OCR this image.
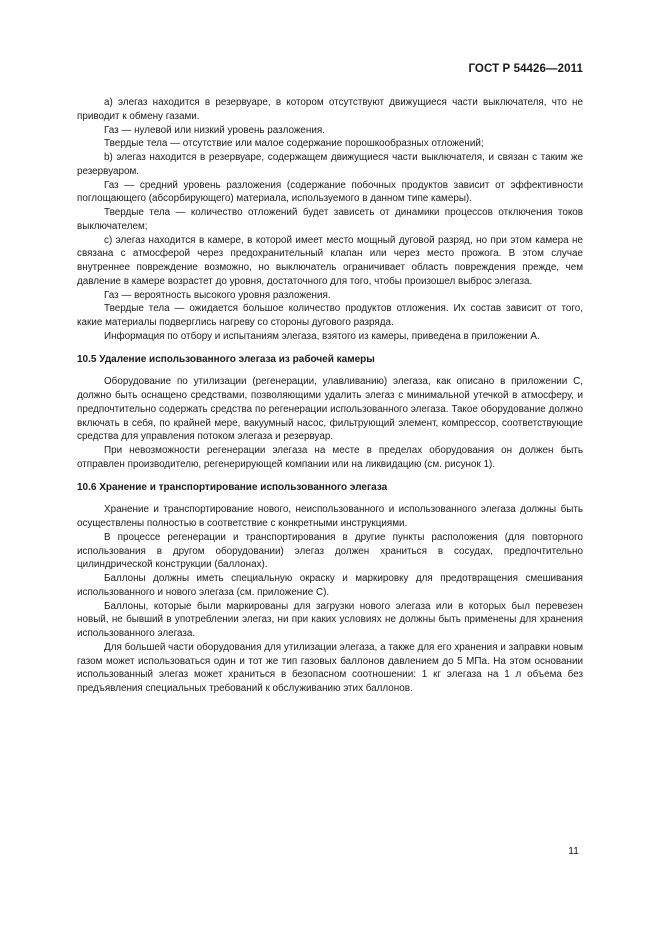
ГОСТ Р 54426—2011

а) элегаз находится в резервуаре, в котором отсутствуют движущиеся части выключателя, что не приводит к обмену газами.

Газ — нулевой или низкий уровень разложения.

Твердые тела — отсутствие или малое содержание порошкообразных отложений;

b) элегаз находится в резервуаре, содержащем движущиеся части выключателя, и связан с таким же резервуаром.

Газ — средний уровень разложения (содержание побочных продуктов зависит от эффективности поглощающего (абсорбирующего) материала, используемого в данном типе камеры).

Твердые тела — количество отложений будет зависеть от динамики процессов отключения токов выключателем;

с) элегаз находится в камере, в которой имеет место мощный дуговой разряд, но при этом камера не связана с атмосферой через предохранительный клапан или через место прожога. В этом случае внутреннее повреждение возможно, но выключатель ограничивает область повреждения прежде, чем давление в камере возрастет до уровня, достаточного для того, чтобы произошел выброс элегаза.

Газ — вероятность высокого уровня разложения.

Твердые тела — ожидается большое количество продуктов отложения. Их состав зависит от того, какие материалы подверглись нагреву со стороны дугового разряда.

Информация по отбору и испытаниям элегаза, взятого из камеры, приведена в приложении А.

10.5 Удаление использованного элегаза из рабочей камеры

Оборудование по утилизации (регенерации, улавливанию) элегаза, как описано в приложении С, должно быть оснащено средствами, позволяющими удалить элегаз с минимальной утечкой в атмосферу, и предпочтительно содержать средства по регенерации использованного элегаза. Такое оборудование должно включать в себя, по крайней мере, вакуумный насос, фильтрующий элемент, компрессор, соответствующие средства для управления потоком элегаза и резервуар.

При невозможности регенерации элегаза на месте в пределах оборудования он должен быть отправлен производителю, регенерирующей компании или на ликвидацию (см. рисунок 1).

10.6 Хранение и транспортирование использованного элегаза

Хранение и транспортирование нового, неиспользованного и использованного элегаза должны быть осуществлены полностью в соответствие с конкретными инструкциями.

В процессе регенерации и транспортирования в другие пункты расположения (для повторного использования в другом оборудовании) элегаз должен храниться в сосудах, предпочтительно цилиндрической конструкции (баллонах).

Баллоны должны иметь специальную окраску и маркировку для предотвращения смешивания использованного и нового элегаза (см. приложение С).

Баллоны, которые были маркированы для загрузки нового элегаза или в которых был перевезен новый, не бывший в употреблении элегаз, ни при каких условиях не должны быть применены для хранения использованного элегаза.

Для большей части оборудования для утилизации элегаза, а также для его хранения и заправки новым газом может использоваться один и тот же тип газовых баллонов давлением до 5 МПа. На этом основании использованный элегаз может храниться в безопасном соотношении: 1 кг элегаза на 1 л объема без предъявления специальных требований к обслуживанию этих баллонов.

11
